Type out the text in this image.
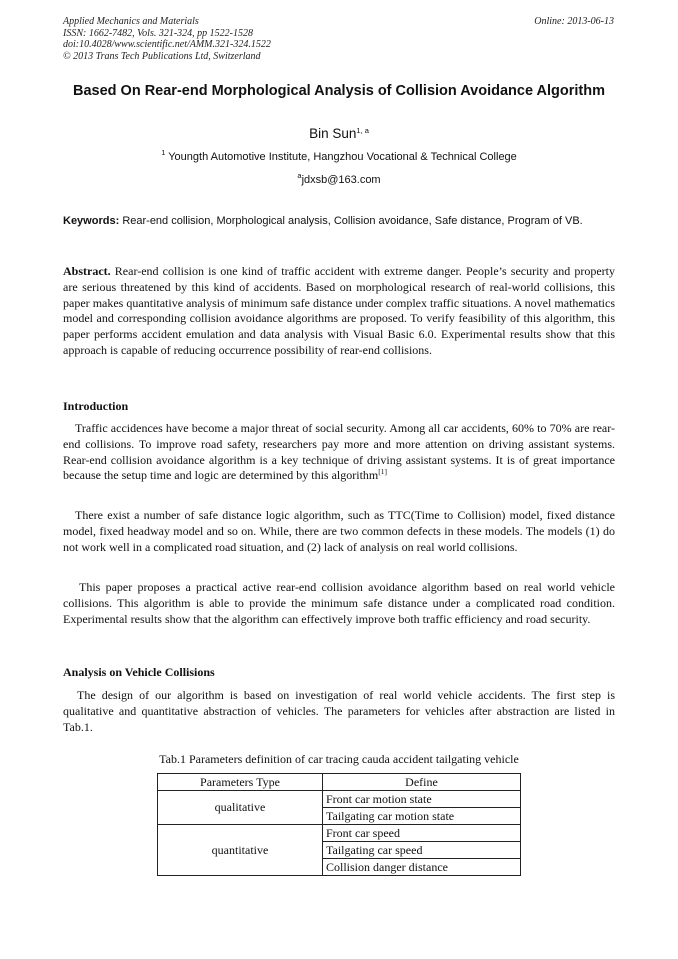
Applied Mechanics and Materials
ISSN: 1662-7482, Vols. 321-324, pp 1522-1528
doi:10.4028/www.scientific.net/AMM.321-324.1522
© 2013 Trans Tech Publications Ltd, Switzerland
Online: 2013-06-13
Based On Rear-end Morphological Analysis of Collision Avoidance Algorithm
Bin Sun$^{1, a}$
$^1$ Youngth Automotive Institute, Hangzhou Vocational & Technical College
$^a$jdxsb@163.com
Keywords: Rear-end collision, Morphological analysis, Collision avoidance, Safe distance, Program of VB.
Abstract. Rear-end collision is one kind of traffic accident with extreme danger. People’s security and property are serious threatened by this kind of accidents. Based on morphological research of real-world collisions, this paper makes quantitative analysis of minimum safe distance under complex traffic situations. A novel mathematics model and corresponding collision avoidance algorithms are proposed. To verify feasibility of this algorithm, this paper performs accident emulation and data analysis with Visual Basic 6.0. Experimental results show that this approach is capable of reducing occurrence possibility of rear-end collisions.
Introduction
Traffic accidences have become a major threat of social security. Among all car accidents, 60% to 70% are rear-end collisions. To improve road safety, researchers pay more and more attention on driving assistant systems. Rear-end collision avoidance algorithm is a key technique of driving assistant systems. It is of great importance because the setup time and logic are determined by this algorithm[1]
There exist a number of safe distance logic algorithm, such as TTC(Time to Collision) model, fixed distance model, fixed headway model and so on. While, there are two common defects in these models. The models (1) do not work well in a complicated road situation, and (2) lack of analysis on real world collisions.
This paper proposes a practical active rear-end collision avoidance algorithm based on real world vehicle collisions. This algorithm is able to provide the minimum safe distance under a complicated road condition. Experimental results show that the algorithm can effectively improve both traffic efficiency and road security.
Analysis on Vehicle Collisions
The design of our algorithm is based on investigation of real world vehicle accidents. The first step is qualitative and quantitative abstraction of vehicles. The parameters for vehicles after abstraction are listed in Tab.1.
Tab.1 Parameters definition of car tracing cauda accident tailgating vehicle
Parameters Type	Define
qualitative	Front car motion state
	Tailgating car motion state
quantitative	Front car speed
	Tailgating car speed
	Collision danger distance
